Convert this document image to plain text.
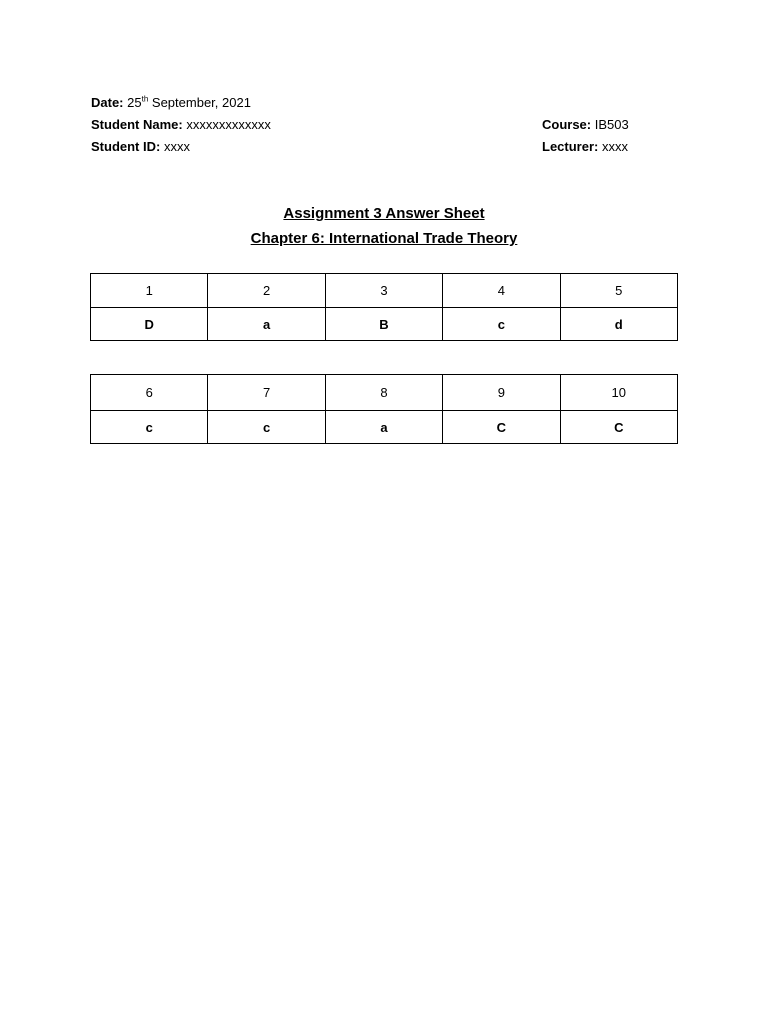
Date: 25th September, 2021
Student Name: xxxxxxxxxxxxx
Student ID: xxxx
Course: IB503
Lecturer: xxxx
Assignment 3 Answer Sheet
Chapter 6: International Trade Theory
1	2	3	4	5
D	a	B	c	d
6	7	8	9	10
c	c	a	C	C
